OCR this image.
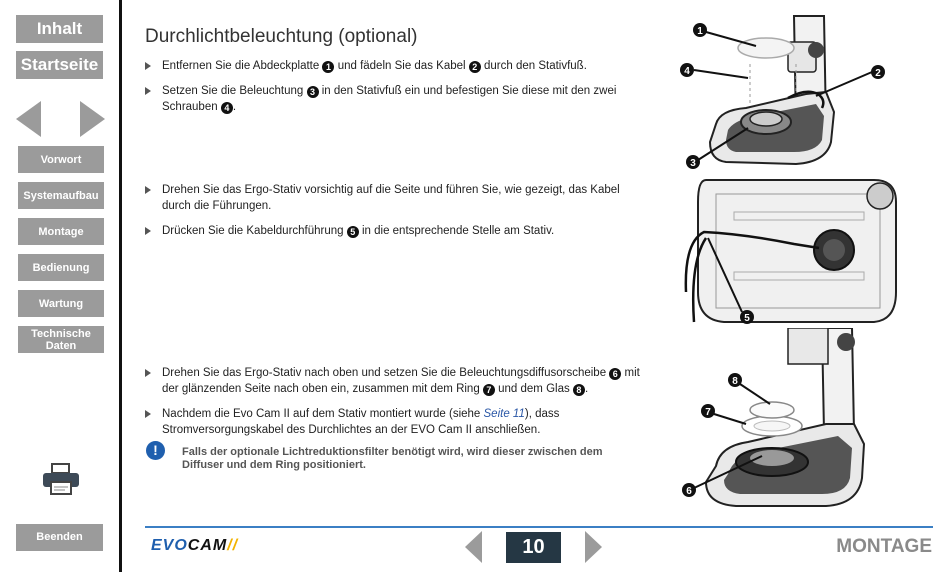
Inhalt
Startseite
Vorwort
Systemaufbau
Montage
Bedienung
Wartung
Technische
Daten
Beenden
Durchlichtbeleuchtung (optional)
Entfernen Sie die Abdeckplatte 1 und fädeln Sie das Kabel 2 durch den Stativfuß.
Setzen Sie die Beleuchtung 3 in den Stativfuß ein und befestigen Sie diese mit den zwei Schrauben 4 .
Drehen Sie das Ergo-Stativ vorsichtig auf die Seite und führen Sie, wie gezeigt, das Kabel durch die Führungen.
Drücken Sie die Kabeldurchführung 5 in die entsprechende Stelle am Stativ.
Drehen Sie das Ergo-Stativ nach oben und setzen Sie die Beleuchtungsdiffusorscheibe 6 mit der glänzenden Seite nach oben ein, zusammen mit dem Ring 7 und dem Glas 8 .
Nachdem die Evo Cam II auf dem Stativ montiert wurde (siehe Seite 11), dass Stromversorgungskabel des Durchlichtes an der EVO Cam II anschließen.
!	Falls der optionale Lichtreduktionsfilter benötigt wird, wird dieser zwischen dem Diffuser und dem Ring positioniert.
1
4	2
3
5
8
7
6
EVOCAM//	10	MONTAGE
